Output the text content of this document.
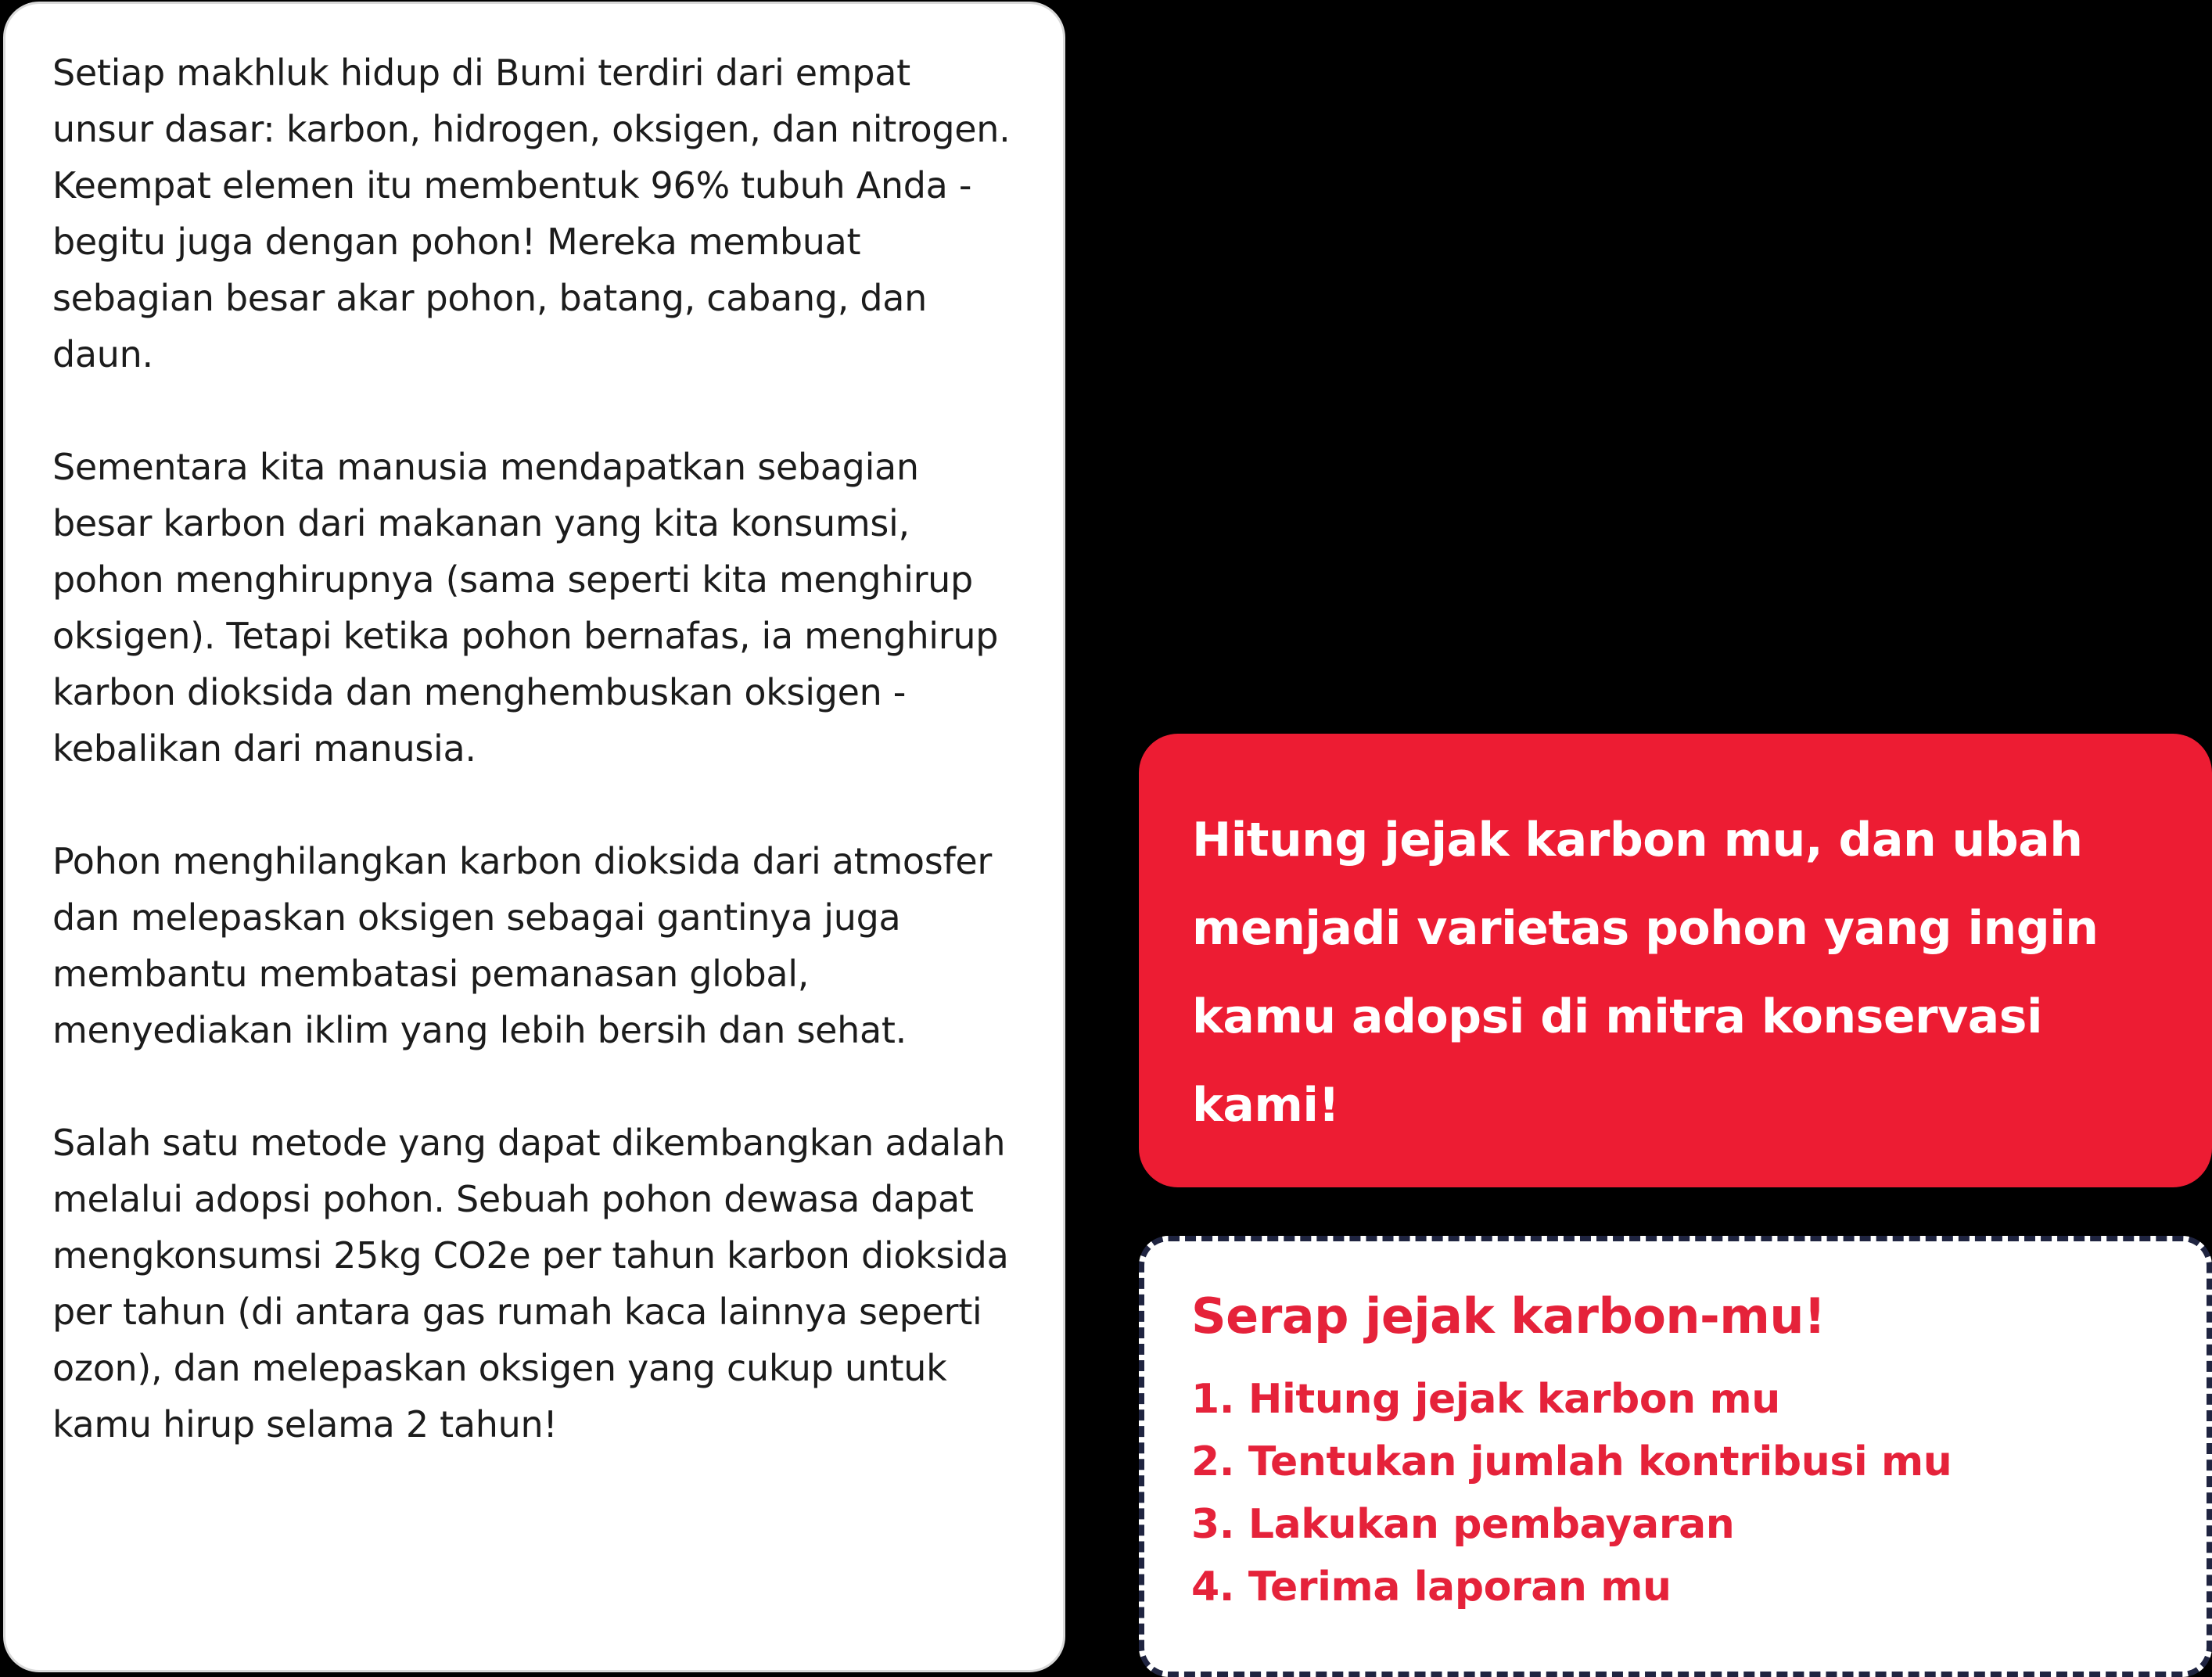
Setiap makhluk hidup di Bumi terdiri dari empat unsur dasar: karbon, hidrogen, oksigen, dan nitrogen. Keempat elemen itu membentuk 96% tubuh Anda - begitu juga dengan pohon! Mereka membuat sebagian besar akar pohon, batang, cabang, dan daun.

Sementara kita manusia mendapatkan sebagian besar karbon dari makanan yang kita konsumsi, pohon menghirupnya (sama seperti kita menghirup oksigen). Tetapi ketika pohon bernafas, ia menghirup karbon dioksida dan menghembuskan oksigen - kebalikan dari manusia.

Pohon menghilangkan karbon dioksida dari atmosfer dan melepaskan oksigen sebagai gantinya juga membantu membatasi pemanasan global, menyediakan iklim yang lebih bersih dan sehat.

Salah satu metode yang dapat dikembangkan adalah melalui adopsi pohon. Sebuah pohon dewasa dapat mengkonsumsi 25kg CO2e per tahun karbon dioksida per tahun (di antara gas rumah kaca lainnya seperti ozon), dan melepaskan oksigen yang cukup untuk kamu hirup selama 2 tahun!

Hitung jejak karbon mu, dan ubah menjadi varietas pohon yang ingin kamu adopsi di mitra konservasi kami!

Serap jejak karbon-mu!
1. Hitung jejak karbon mu
2. Tentukan jumlah kontribusi mu
3. Lakukan pembayaran
4. Terima laporan mu
